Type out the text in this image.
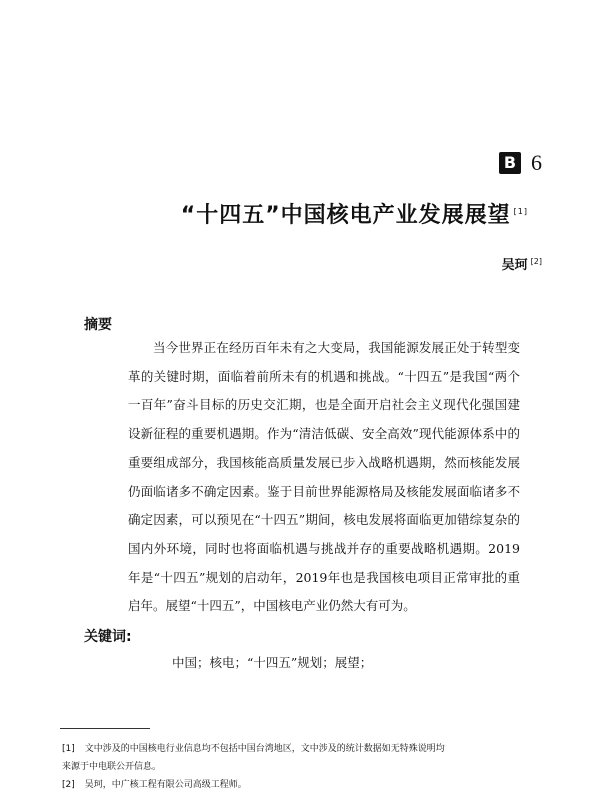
B 6
“十四五”中国核电产业发展展望 [1]
吴珂 [2]
摘要
当今世界正在经历百年未有之大变局，我国能源发展正处于转型变革的关键时期，面临着前所未有的机遇和挑战。“十四五”是我国“两个一百年”奋斗目标的历史交汇期，也是全面开启社会主义现代化强国建设新征程的重要机遇期。作为“清洁低碳、安全高效”现代能源体系中的重要组成部分，我国核能高质量发展已步入战略机遇期，然而核能发展仍面临诸多不确定因素。鉴于目前世界能源格局及核能发展面临诸多不确定因素，可以预见在“十四五”期间，核电发展将面临更加错综复杂的国内外环境，同时也将面临机遇与挑战并存的重要战略机遇期。2019年是“十四五”规划的启动年，2019年也是我国核电项目正常审批的重启年。展望“十四五”，中国核电产业仍然大有可为。
关键词:
中国；核电；“十四五”规划；展望；
[1] 文中涉及的中国核电行业信息均不包括中国台湾地区，文中涉及的统计数据如无特殊说明均
来源于中电联公开信息。
[2] 吴珂，中广核工程有限公司高级工程师。
